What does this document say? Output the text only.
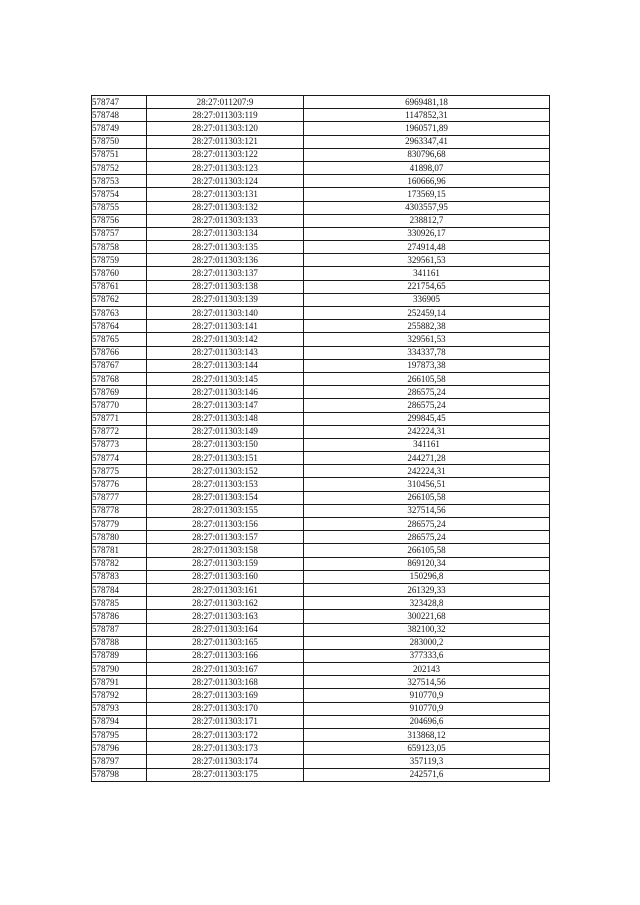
578747	28:27:011207:9	6969481,18
578748	28:27:011303:119	1147852,31
578749	28:27:011303:120	1960571,89
578750	28:27:011303:121	2963347,41
578751	28:27:011303:122	830796,68
578752	28:27:011303:123	41898,07
578753	28:27:011303:124	160666,96
578754	28:27:011303:131	173569,15
578755	28:27:011303:132	4303557,95
578756	28:27:011303:133	238812,7
578757	28:27:011303:134	330926,17
578758	28:27:011303:135	274914,48
578759	28:27:011303:136	329561,53
578760	28:27:011303:137	341161
578761	28:27:011303:138	221754,65
578762	28:27:011303:139	336905
578763	28:27:011303:140	252459,14
578764	28:27:011303:141	255882,38
578765	28:27:011303:142	329561,53
578766	28:27:011303:143	334337,78
578767	28:27:011303:144	197873,38
578768	28:27:011303:145	266105,58
578769	28:27:011303:146	286575,24
578770	28:27:011303:147	286575,24
578771	28:27:011303:148	299845,45
578772	28:27:011303:149	242224,31
578773	28:27:011303:150	341161
578774	28:27:011303:151	244271,28
578775	28:27:011303:152	242224,31
578776	28:27:011303:153	310456,51
578777	28:27:011303:154	266105,58
578778	28:27:011303:155	327514,56
578779	28:27:011303:156	286575,24
578780	28:27:011303:157	286575,24
578781	28:27:011303:158	266105,58
578782	28:27:011303:159	869120,34
578783	28:27:011303:160	150296,8
578784	28:27:011303:161	261329,33
578785	28:27:011303:162	323428,8
578786	28:27:011303:163	300221,68
578787	28:27:011303:164	382100,32
578788	28:27:011303:165	283000,2
578789	28:27:011303:166	377333,6
578790	28:27:011303:167	202143
578791	28:27:011303:168	327514,56
578792	28:27:011303:169	910770,9
578793	28:27:011303:170	910770,9
578794	28:27:011303:171	204696,6
578795	28:27:011303:172	313868,12
578796	28:27:011303:173	659123,05
578797	28:27:011303:174	357119,3
578798	28:27:011303:175	242571,6
